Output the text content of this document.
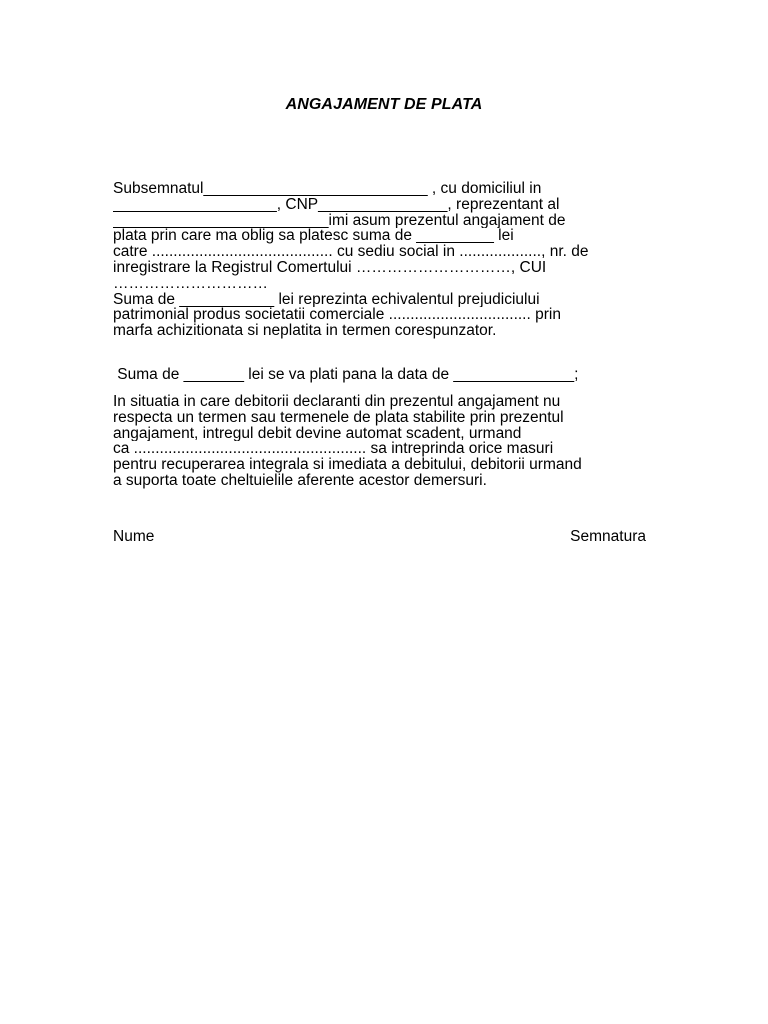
ANGAJAMENT DE PLATA
Subsemnatul__________________________ , cu domiciliul in
___________________, CNP_______________, reprezentant al
_________________________imi asum prezentul angajament de
plata prin care ma oblig sa platesc suma de _________ lei
catre .......................................... cu sediu social in ..................., nr. de
inregistrare la Registrul Comertului …………………………, CUI
…………………………
Suma de ___________ lei reprezinta echivalentul prejudiciului
patrimonial produs societatii comerciale ................................. prin
marfa achizitionata si neplatita in termen corespunzator.
Suma de _______ lei se va plati pana la data de ______________;
In situatia in care debitorii declaranti din prezentul angajament nu
respecta un termen sau termenele de plata stabilite prin prezentul
angajament, intregul debit devine automat scadent, urmand
ca ...................................................... sa intreprinda orice masuri
pentru recuperarea integrala si imediata a debitului, debitorii urmand
a suporta toate cheltuielile aferente acestor demersuri.
Nume	Semnatura
